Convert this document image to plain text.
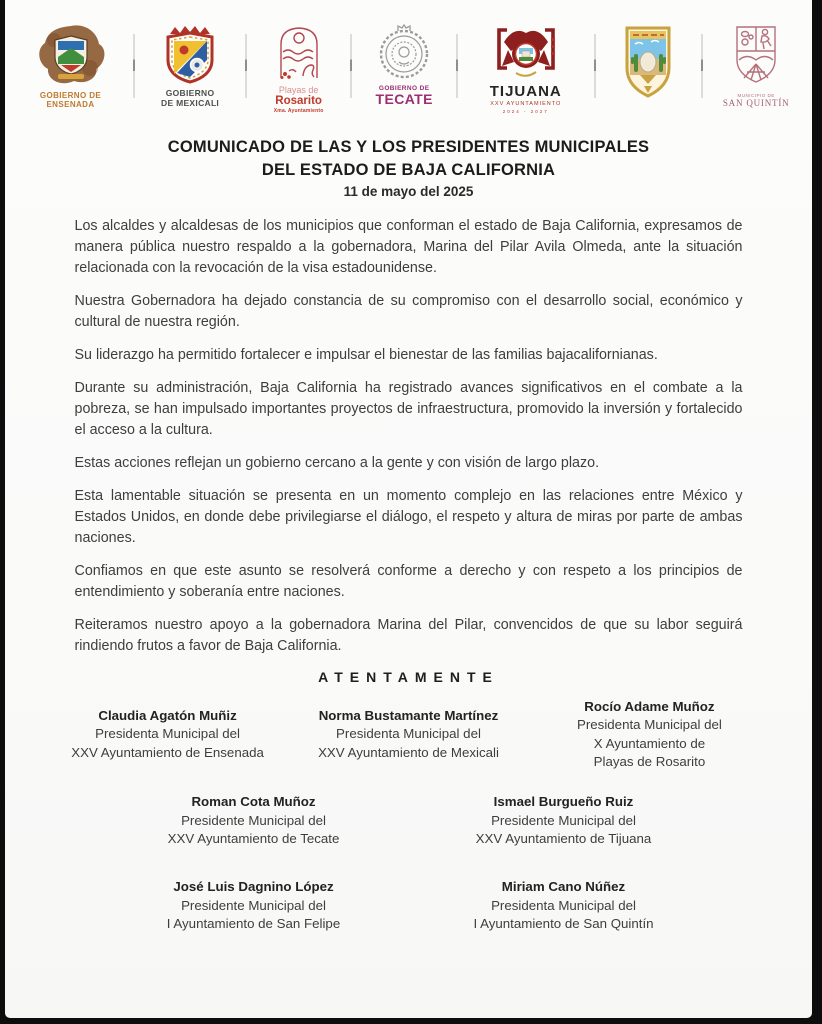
GOBIERNO DE
ENSENADA
GOBIERNO
DE MEXICALI
Playas de
Rosarito
Xma. Ayuntamiento
GOBIERNO DE
TECATE	TIJUANA
XXV AYUNTAMIENTO
2024 - 2027
MUNICIPIO DE
SAN QUINTÍN
COMUNICADO DE LAS Y LOS PRESIDENTES MUNICIPALES
DEL ESTADO DE BAJA CALIFORNIA
11 de mayo del 2025

Los alcaldes y alcaldesas de los municipios que conforman el estado de Baja California, expresamos de manera pública nuestro respaldo a la gobernadora, Marina del Pilar Avila Olmeda, ante la situación relacionada con la revocación de la visa estadounidense.

Nuestra Gobernadora ha dejado constancia de su compromiso con el desarrollo social, económico y cultural de nuestra región.

Su liderazgo ha permitido fortalecer e impulsar el bienestar de las familias bajacalifornianas.

Durante su administración, Baja California ha registrado avances significativos en el combate a la pobreza, se han impulsado importantes proyectos de infraestructura, promovido la inversión y fortalecido el acceso a la cultura.

Estas acciones reflejan un gobierno cercano a la gente y con visión de largo plazo.

Esta lamentable situación se presenta en un momento complejo en las relaciones entre México y Estados Unidos, en donde debe privilegiarse el diálogo, el respeto y altura de miras por parte de ambas naciones.

Confiamos en que este asunto se resolverá conforme a derecho y con respeto a los principios de entendimiento y soberanía entre naciones.

Reiteramos nuestro apoyo a la gobernadora Marina del Pilar, convencidos de que su labor seguirá rindiendo frutos a favor de Baja California.

ATENTAMENTE
Claudia Agatón Muñiz
Presidenta Municipal del
XXV Ayuntamiento de Ensenada
Norma Bustamante Martínez
Presidenta Municipal del
XXV Ayuntamiento de Mexicali
Rocío Adame Muñoz
Presidenta Municipal del
X Ayuntamiento de
Playas de Rosarito
Roman Cota Muñoz
Presidente Municipal del
XXV Ayuntamiento de Tecate
Ismael Burgueño Ruiz
Presidente Municipal del
XXV Ayuntamiento de Tijuana
José Luis Dagnino López
Presidente Municipal del
I Ayuntamiento de San Felipe
Miriam Cano Núñez
Presidenta Municipal del
I Ayuntamiento de San Quintín
